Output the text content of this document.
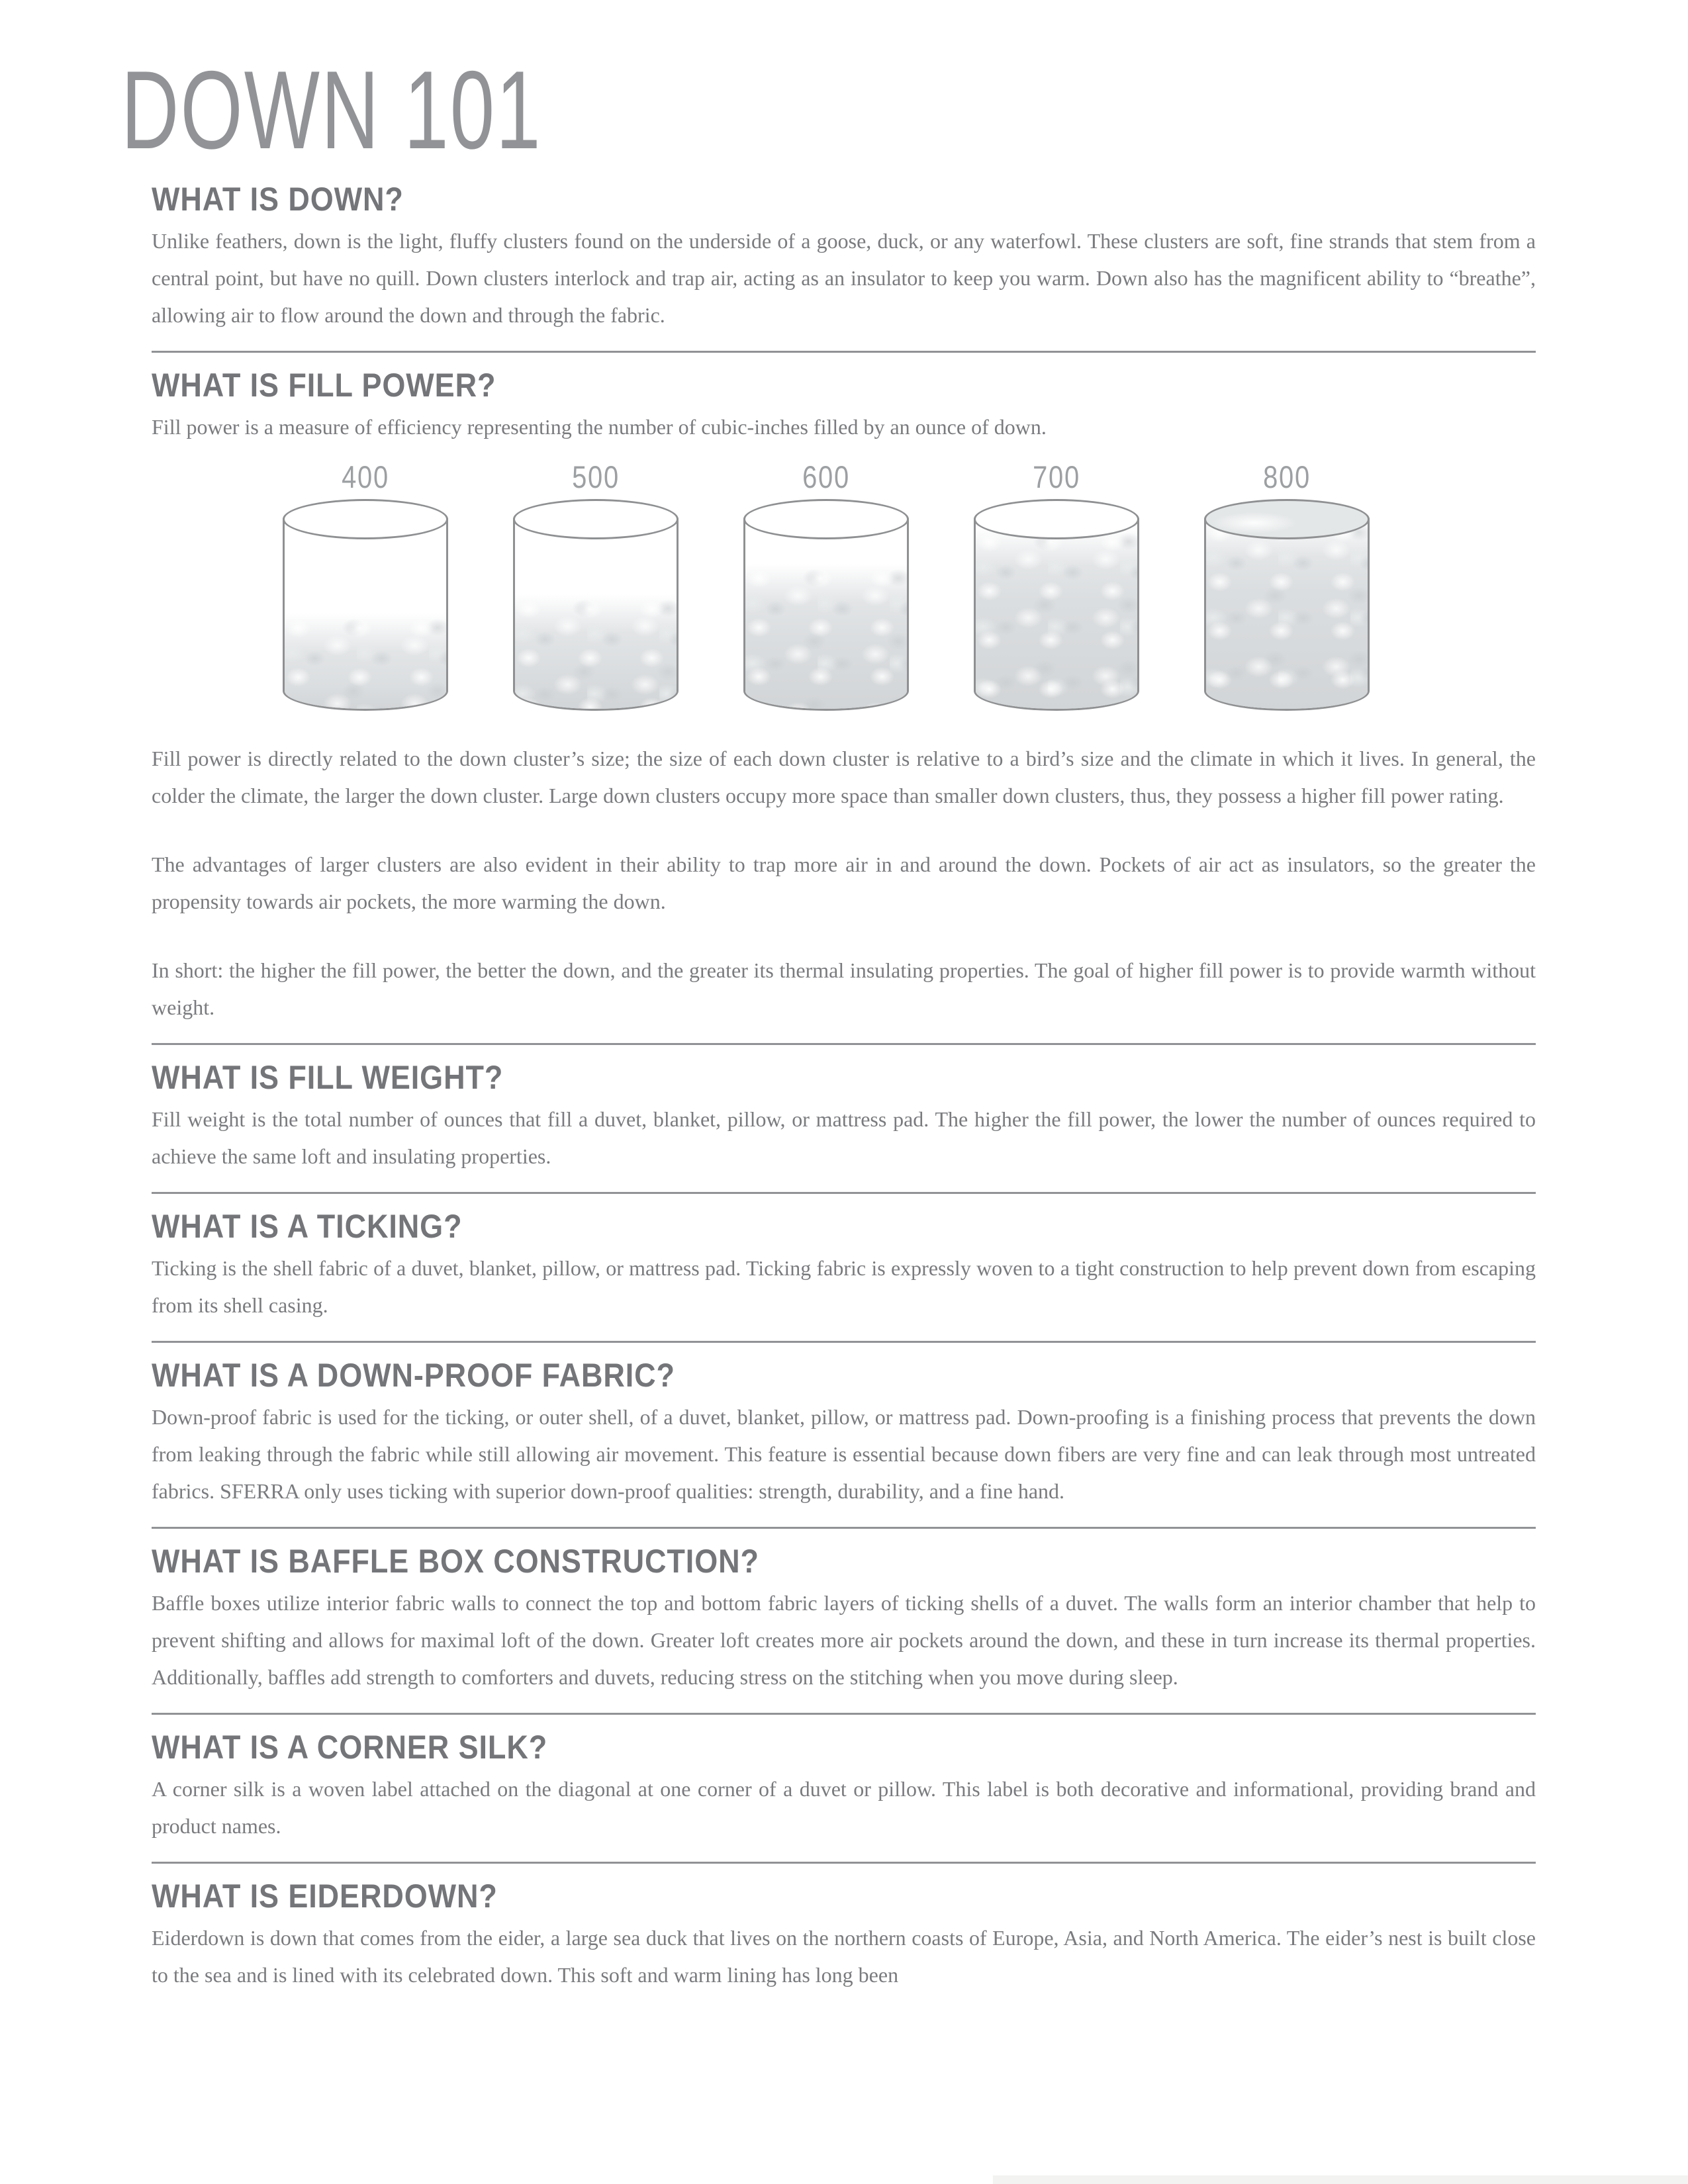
DOWN 101
WHAT IS DOWN?

Unlike feathers, down is the light, fluffy clusters found on the underside of a goose, duck, or any waterfowl. These clusters are soft, fine strands that stem from a central point, but have no quill. Down clusters interlock and trap air, acting as an insulator to keep you warm. Down also has the magnificent ability to “breathe”, allowing air to flow around the down and through the fabric.

WHAT IS FILL POWER?

Fill power is a measure of efficiency representing the number of cubic-inches filled by an ounce of down.

400	500	600	700	800

Fill power is directly related to the down cluster’s size; the size of each down cluster is relative to a bird’s size and the climate in which it lives. In general, the colder the climate, the larger the down cluster. Large down clusters occupy more space than smaller down clusters, thus, they possess a higher fill power rating.

The advantages of larger clusters are also evident in their ability to trap more air in and around the down. Pockets of air act as insulators, so the greater the propensity towards air pockets, the more warming the down.

In short: the higher the fill power, the better the down, and the greater its thermal insulating properties. The goal of higher fill power is to provide warmth without weight.

WHAT IS FILL WEIGHT?

Fill weight is the total number of ounces that fill a duvet, blanket, pillow, or mattress pad. The higher the fill power, the lower the number of ounces required to achieve the same loft and insulating properties.

WHAT IS A TICKING?

Ticking is the shell fabric of a duvet, blanket, pillow, or mattress pad. Ticking fabric is expressly woven to a tight construction to help prevent down from escaping from its shell casing.

WHAT IS A DOWN-PROOF FABRIC?

Down-proof fabric is used for the ticking, or outer shell, of a duvet, blanket, pillow, or mattress pad. Down-proofing is a finishing process that prevents the down from leaking through the fabric while still allowing air movement. This feature is essential because down fibers are very fine and can leak through most untreated fabrics. SFERRA only uses ticking with superior down-proof qualities: strength, durability, and a fine hand.

WHAT IS BAFFLE BOX CONSTRUCTION?

Baffle boxes utilize interior fabric walls to connect the top and bottom fabric layers of ticking shells of a duvet. The walls form an interior chamber that help to prevent shifting and allows for maximal loft of the down. Greater loft creates more air pockets around the down, and these in turn increase its thermal properties. Additionally, baffles add strength to comforters and duvets, reducing stress on the stitching when you move during sleep.

WHAT IS A CORNER SILK?

A corner silk is a woven label attached on the diagonal at one corner of a duvet or pillow. This label is both decorative and informational, providing brand and product names.

WHAT IS EIDERDOWN?

Eiderdown is down that comes from the eider, a large sea duck that lives on the northern coasts of Europe, Asia, and North America. The eider’s nest is built close to the sea and is lined with its celebrated down. This soft and warm lining has long been
